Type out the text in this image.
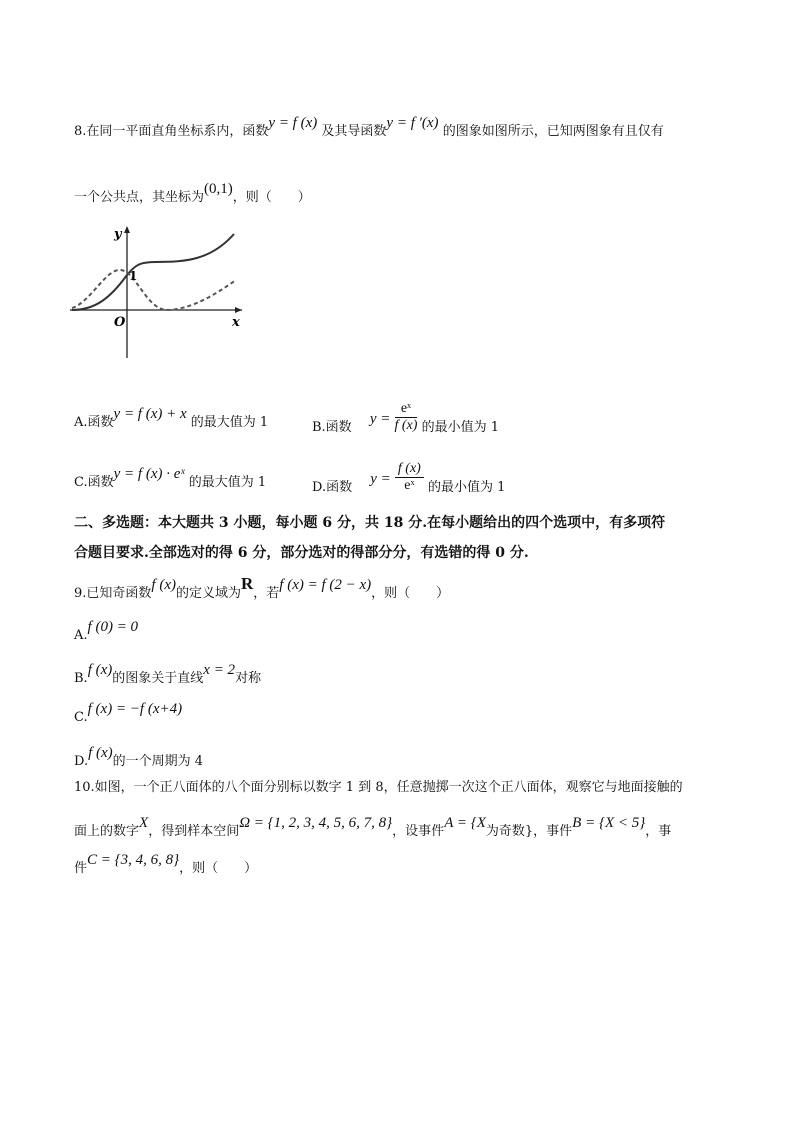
8.在同一平面直角坐标系内，函数y = f (x) 及其导函数y = f ′(x) 的图象如图所示，已知两图象有且仅有
一个公共点，其坐标为(0,1)，则（　　）
y
x
O
1
A.函数y = f (x) + x 的最大值为 1	B.函数 $y = \frac{\text{eˣ}}{f (x)}$ 的最小值为 1
C.函数y = f (x) · eˣ 的最大值为 1	D.函数 $y = \frac{f (x)}{\text{eˣ}}$ 的最小值为 1
二、多选题：本大题共 3 小题，每小题 6 分，共 18 分.在每小题给出的四个选项中，有多项符
合题目要求.全部选对的得 6 分，部分选对的得部分分，有选错的得 0 分.
9.已知奇函数f (x)的定义域为R，若f (x) = f (2 − x)，则（　　）
A.f (0) = 0
B.f (x)的图象关于直线x = 2对称
C.f (x) = −f (x+4)
D.f (x)的一个周期为 4
10.如图，一个正八面体的八个面分别标以数字 1 到 8，任意抛掷一次这个正八面体，观察它与地面接触的
面上的数字X，得到样本空间Ω = {1, 2, 3, 4, 5, 6, 7, 8}，设事件A = {X为奇数}，事件B = {X < 5}，事
件C = {3, 4, 6, 8}，则（　　）
